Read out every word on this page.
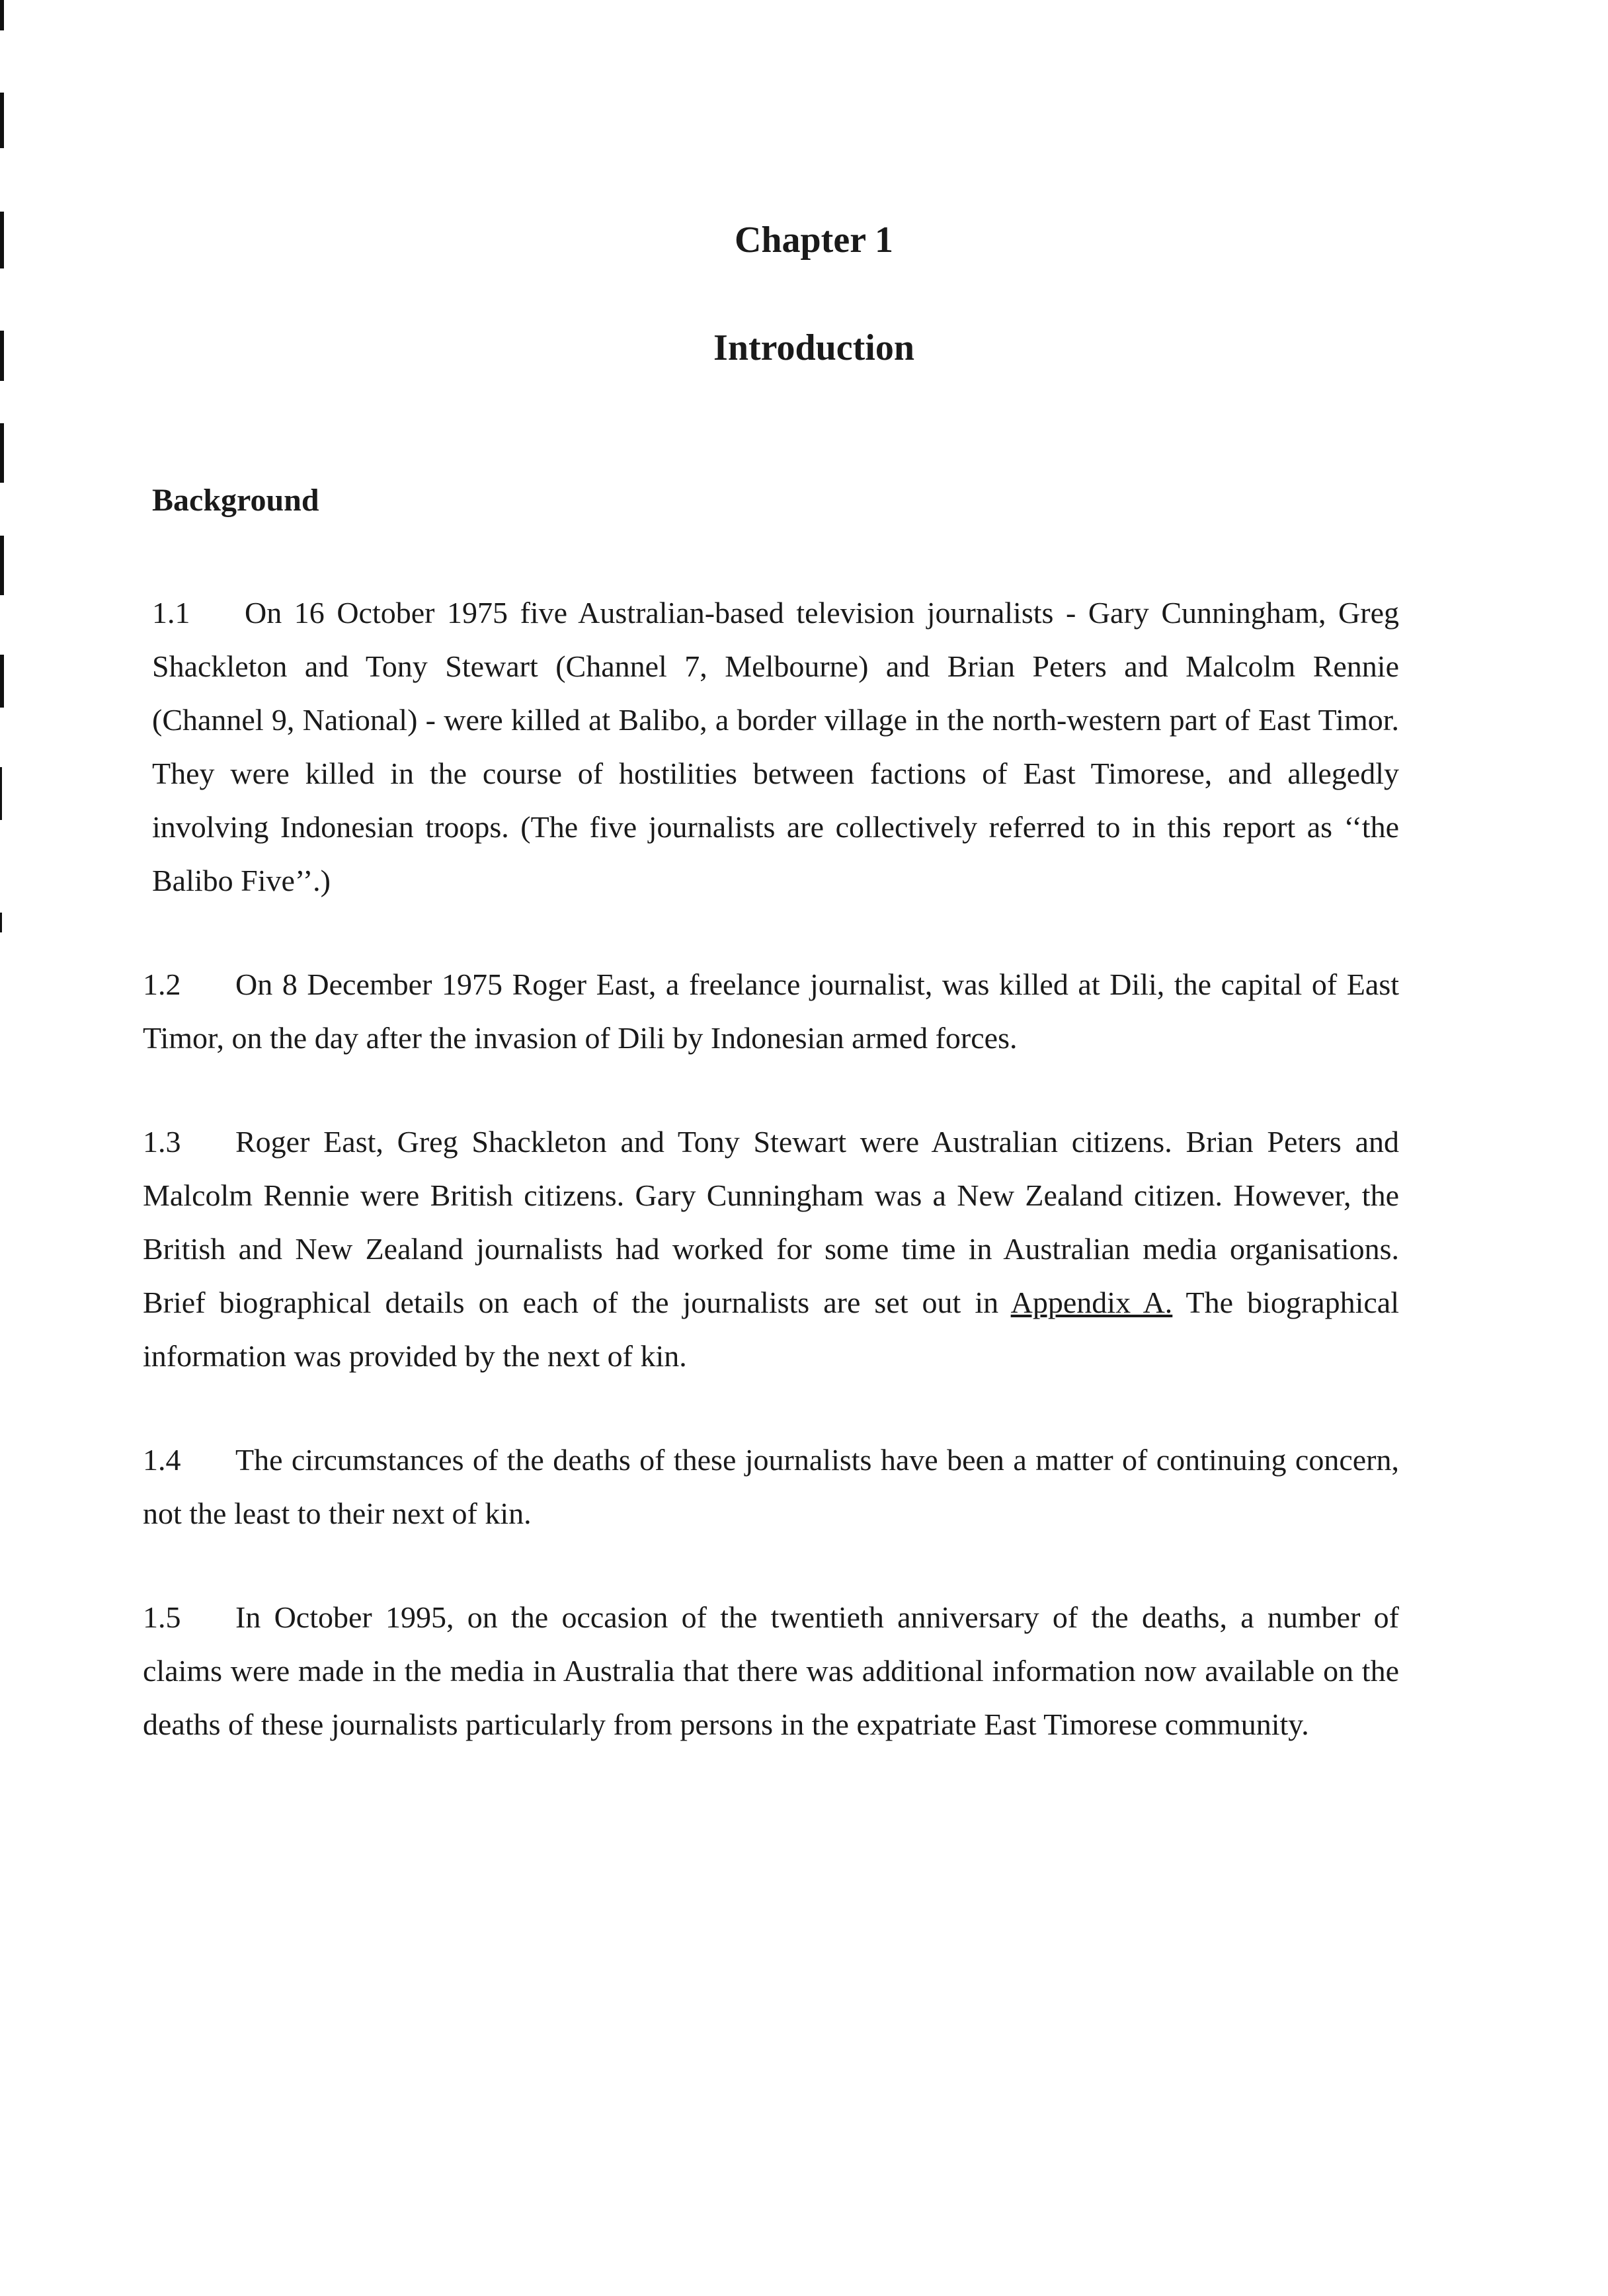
Chapter 1
Introduction
Background

1.1 On 16 October 1975 five Australian-based television journalists - Gary Cunningham, Greg Shackleton and Tony Stewart (Channel 7, Melbourne) and Brian Peters and Malcolm Rennie (Channel 9, National) - were killed at Balibo, a border village in the north-western part of East Timor. They were killed in the course of hostilities between factions of East Timorese, and allegedly involving Indonesian troops. (The five journalists are collectively referred to in this report as ‘‘the Balibo Five’’.)

1.2 On 8 December 1975 Roger East, a freelance journalist, was killed at Dili, the capital of East Timor, on the day after the invasion of Dili by Indonesian armed forces.

1.3 Roger East, Greg Shackleton and Tony Stewart were Australian citizens. Brian Peters and Malcolm Rennie were British citizens. Gary Cunningham was a New Zealand citizen. However, the British and New Zealand journalists had worked for some time in Australian media organisations. Brief biographical details on each of the journalists are set out in Appendix A. The biographical information was provided by the next of kin.

1.4 The circumstances of the deaths of these journalists have been a matter of continuing concern, not the least to their next of kin.

1.5 In October 1995, on the occasion of the twentieth anniversary of the deaths, a number of claims were made in the media in Australia that there was additional information now available on the deaths of these journalists particularly from persons in the expatriate East Timorese community.
